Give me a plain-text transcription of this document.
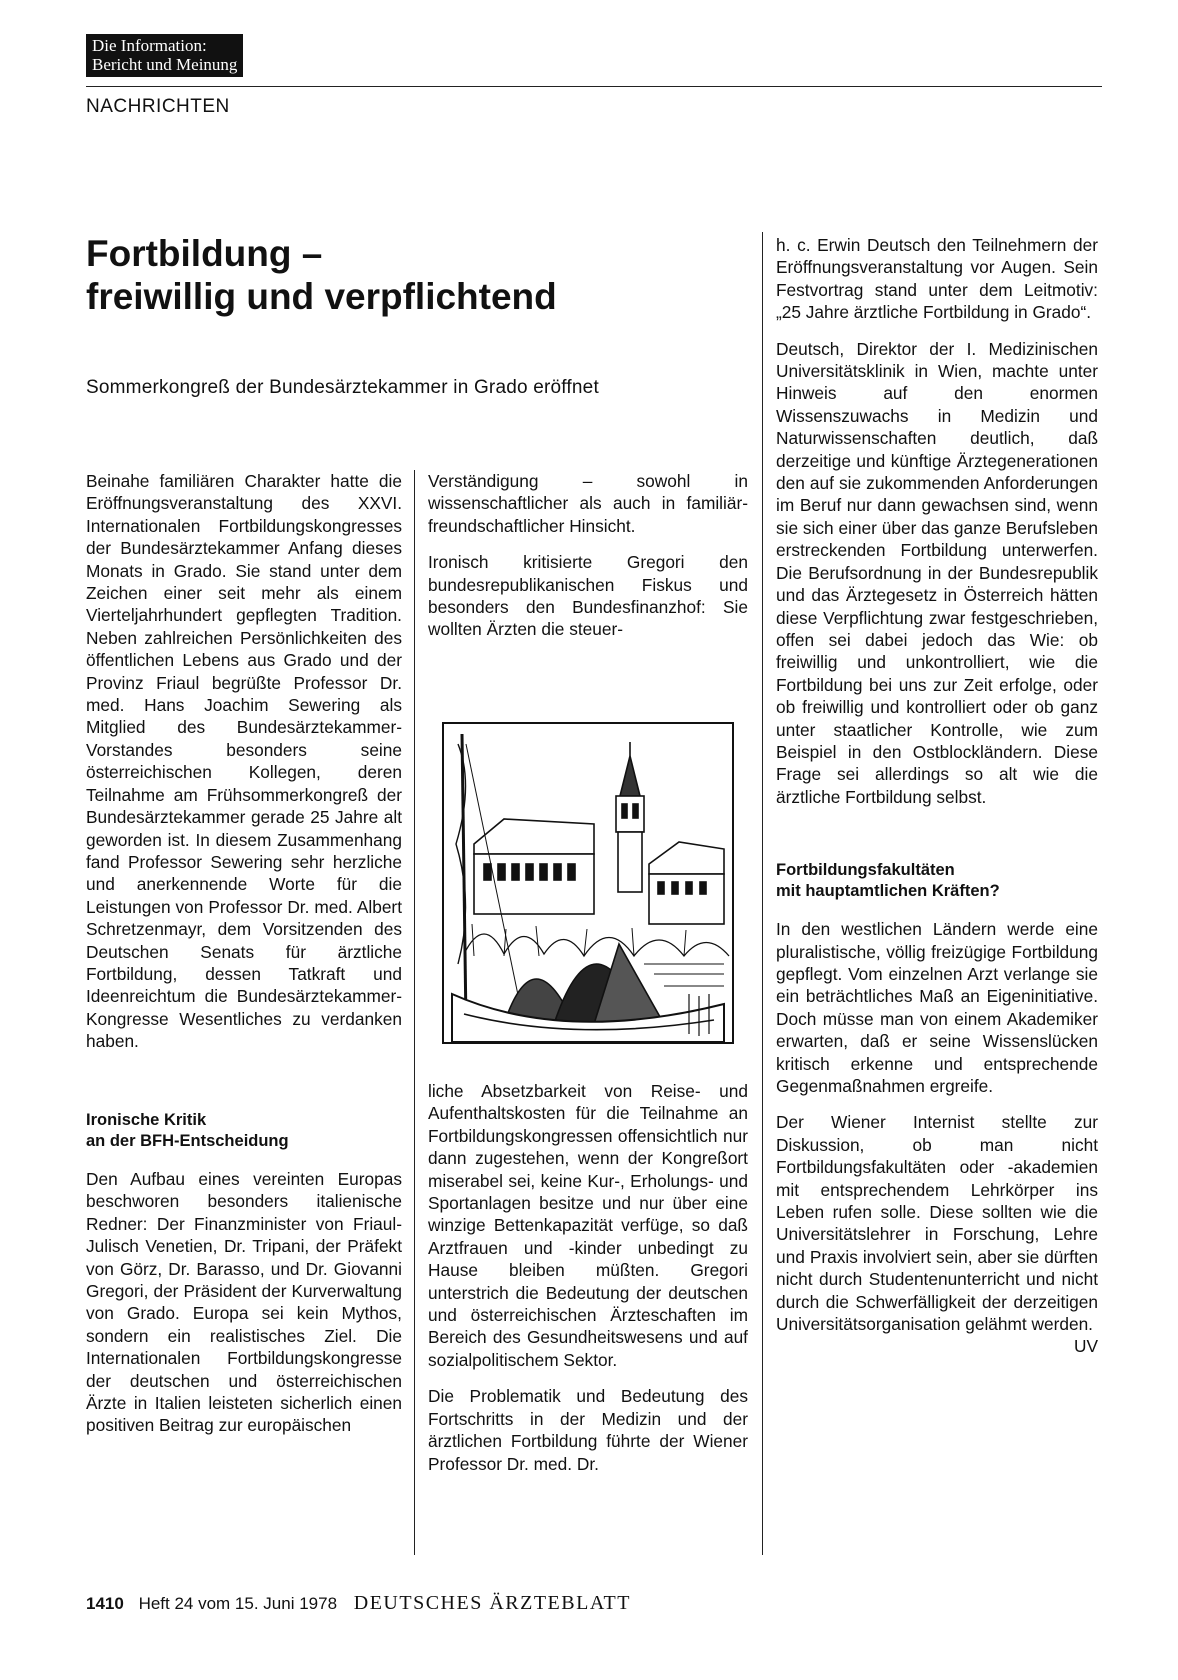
Die Information:
Bericht und Meinung
NACHRICHTEN
Fortbildung –
freiwillig und verpflichtend
Sommerkongreß der Bundesärztekammer in Grado eröffnet

Beinahe familiären Charakter hatte die Eröffnungsveranstaltung des XXVI. Internationalen Fortbildungskongresses der Bundesärztekammer Anfang dieses Monats in Grado. Sie stand unter dem Zeichen einer seit mehr als einem Vierteljahrhundert gepflegten Tradition. Neben zahlreichen Persönlichkeiten des öffentlichen Lebens aus Grado und der Provinz Friaul begrüßte Professor Dr. med. Hans Joachim Sewering als Mitglied des Bundesärztekammer-Vorstandes besonders seine österreichischen Kollegen, deren Teilnahme am Frühsommerkongreß der Bundesärztekammer gerade 25 Jahre alt geworden ist. In diesem Zusammenhang fand Professor Sewering sehr herzliche und anerkennende Worte für die Leistungen von Professor Dr. med. Albert Schretzenmayr, dem Vorsitzenden des Deutschen Senats für ärztliche Fortbildung, dessen Tatkraft und Ideenreichtum die Bundesärztekammer-Kongresse Wesentliches zu verdanken haben.

Ironische Kritik
an der BFH-Entscheidung

Den Aufbau eines vereinten Europas beschworen besonders italienische Redner: Der Finanzminister von Friaul-Julisch Venetien, Dr. Tripani, der Präfekt von Görz, Dr. Barasso, und Dr. Giovanni Gregori, der Präsident der Kurverwaltung von Grado. Europa sei kein Mythos, sondern ein realistisches Ziel. Die Internationalen Fortbildungskongresse der deutschen und österreichischen Ärzte in Italien leisteten sicherlich einen positiven Beitrag zur europäischen

Verständigung – sowohl in wissenschaftlicher als auch in familiär-freundschaftlicher Hinsicht.

Ironisch kritisierte Gregori den bundesrepublikanischen Fiskus und besonders den Bundesfinanzhof: Sie wollten Ärzten die steuer-

liche Absetzbarkeit von Reise- und Aufenthaltskosten für die Teilnahme an Fortbildungskongressen offensichtlich nur dann zugestehen, wenn der Kongreßort miserabel sei, keine Kur-, Erholungs- und Sportanlagen besitze und nur über eine winzige Bettenkapazität verfüge, so daß Arztfrauen und -kinder unbedingt zu Hause bleiben müßten. Gregori unterstrich die Bedeutung der deutschen und österreichischen Ärzteschaften im Bereich des Gesundheitswesens und auf sozialpolitischem Sektor.

Die Problematik und Bedeutung des Fortschritts in der Medizin und der ärztlichen Fortbildung führte der Wiener Professor Dr. med. Dr.

h. c. Erwin Deutsch den Teilnehmern der Eröffnungsveranstaltung vor Augen. Sein Festvortrag stand unter dem Leitmotiv: „25 Jahre ärztliche Fortbildung in Grado“.

Deutsch, Direktor der I. Medizinischen Universitätsklinik in Wien, machte unter Hinweis auf den enormen Wissenszuwachs in Medizin und Naturwissenschaften deutlich, daß derzeitige und künftige Ärztegenerationen den auf sie zukommenden Anforderungen im Beruf nur dann gewachsen sind, wenn sie sich einer über das ganze Berufsleben erstreckenden Fortbildung unterwerfen. Die Berufsordnung in der Bundesrepublik und das Ärztegesetz in Österreich hätten diese Verpflichtung zwar festgeschrieben, offen sei dabei jedoch das Wie: ob freiwillig und unkontrolliert, wie die Fortbildung bei uns zur Zeit erfolge, oder ob freiwillig und kontrolliert oder ob ganz unter staatlicher Kontrolle, wie zum Beispiel in den Ostblockländern. Diese Frage sei allerdings so alt wie die ärztliche Fortbildung selbst.

Fortbildungsfakultäten
mit hauptamtlichen Kräften?

In den westlichen Ländern werde eine pluralistische, völlig freizügige Fortbildung gepflegt. Vom einzelnen Arzt verlange sie ein beträchtliches Maß an Eigeninitiative. Doch müsse man von einem Akademiker erwarten, daß er seine Wissenslücken kritisch erkenne und entsprechende Gegenmaßnahmen ergreife.

Der Wiener Internist stellte zur Diskussion, ob man nicht Fortbildungsfakultäten oder -akademien mit entsprechendem Lehrkörper ins Leben rufen solle. Diese sollten wie die Universitätslehrer in Forschung, Lehre und Praxis involviert sein, aber sie dürften nicht durch Studentenunterricht und nicht durch die Schwerfälligkeit der derzeitigen Universitätsorganisation gelähmt werden.
UV

1410 Heft 24 vom 15. Juni 1978 DEUTSCHES ÄRZTEBLATT
